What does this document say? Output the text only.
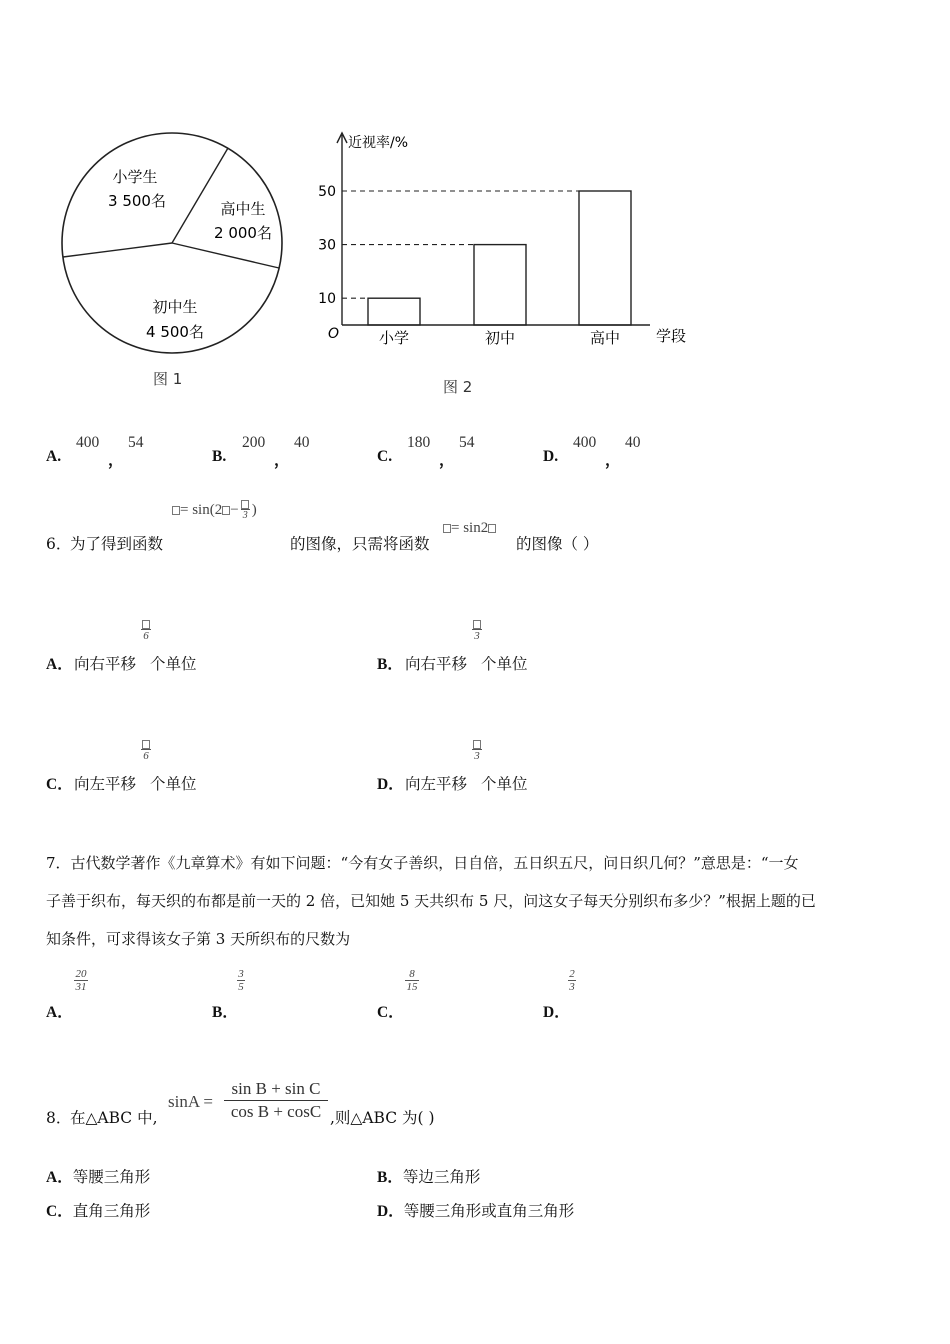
小学生
3 500名	高中生
2 000名
初中生
4 500名
图 1
近视率/%
学段
O
10
小学
30
初中
50
高中
图 2
A.
400
，
54
B.
200
，
40
C.
180
，
54
D.
400
，
40
6．
为了得到函数
= sin(2 − 3 )
的图像，只需将函数
= sin2
的图像（ ）
6
A． 向右平移 个单位
3
B． 向右平移 个单位
6
C． 向左平移 个单位
3
D． 向左平移 个单位
7．古代数学著作《九章算术》有如下问题：“今有女子善织，日自倍，五日织五尺，问日织几何？”意思是：“一女
子善于织布，每天织的布都是前一天的 2 倍，已知她 5 天共织布 5 尺，问这女子每天分别织布多少？”根据上题的已
知条件，可求得该女子第 3 天所织布的尺数为
20
31
A．
3
5
B．
8
15
C．
2
3
D．
8．
在△ABC 中,
sinA =
sin B + sin C
cos B + cosC ,则△ABC 为( )
A．等腰三角形	B．等边三角形
C．直角三角形	D．等腰三角形或直角三角形
